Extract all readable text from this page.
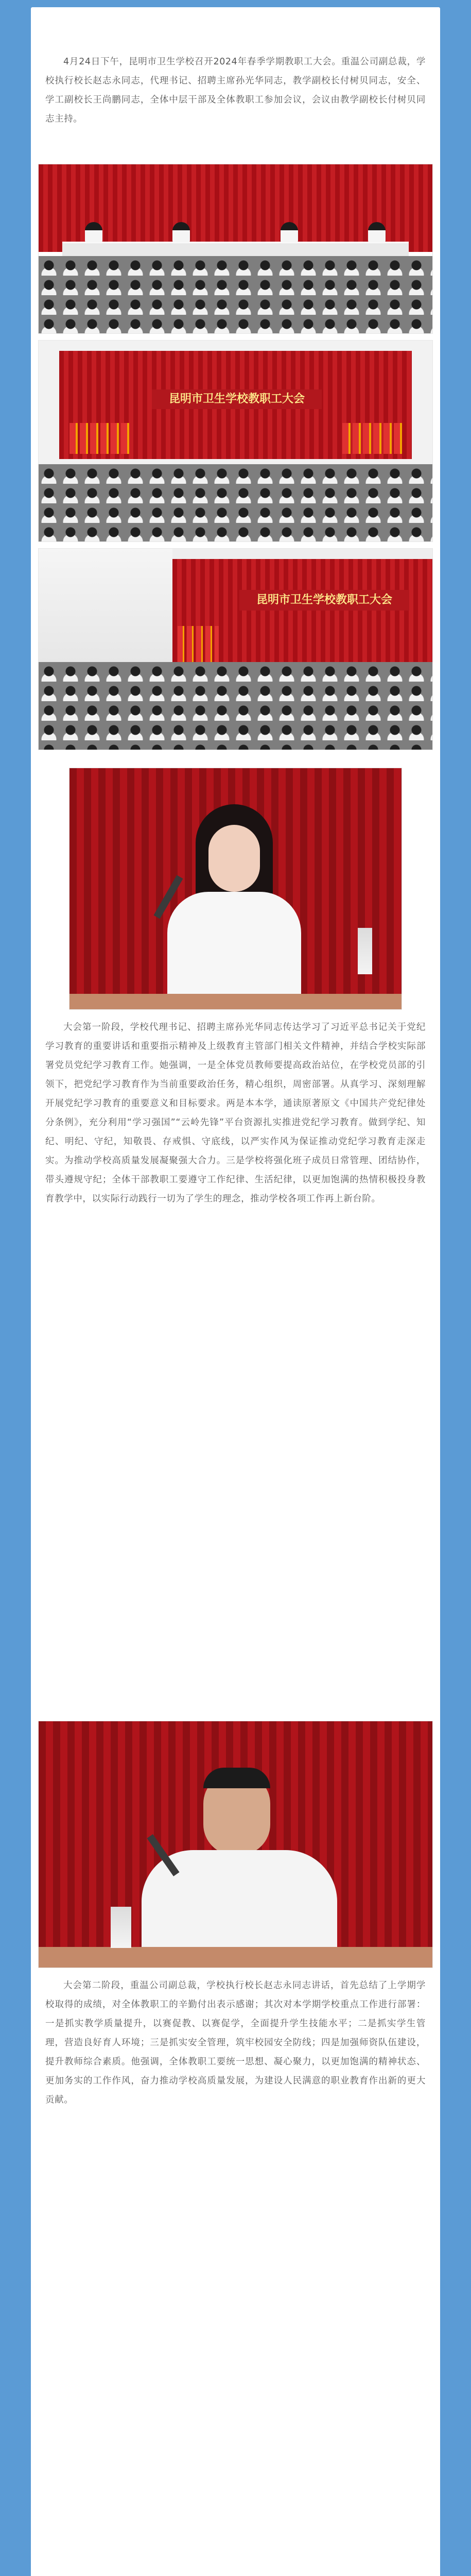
4月24日下午，昆明市卫生学校召开2024年春季学期教职工大会。重温公司副总裁，学校执行校长赵志永同志，代理书记、招聘主席孙光华同志，教学副校长付树贝同志，安全、学工副校长王尚鹏同志，全体中层干部及全体教职工参加会议，会议由教学副校长付树贝同志主持。

昆明市卫生学校教职工大会
昆明市卫生学校教职工大会

大会第一阶段，学校代理书记、招聘主席孙光华同志传达学习了习近平总书记关于党纪学习教育的重要讲话和重要指示精神及上级教育主管部门相关文件精神，并结合学校实际部署党员党纪学习教育工作。她强调，一是全体党员教师要提高政治站位，在学校党员部的引领下，把党纪学习教育作为当前重要政治任务，精心组织，周密部署。从真学习、深刻理解开展党纪学习教育的重要意义和目标要求。两是本本学，通读原著原文《中国共产党纪律处分条例》，充分利用“学习强国”“云岭先锋”平台资源扎实推进党纪学习教育。做到学纪、知纪、明纪、守纪，知敬畏、存戒惧、守底线，以严实作风为保证推动党纪学习教育走深走实。为推动学校高质量发展凝聚强大合力。三是学校将强化班子成员日常管理、团结协作，带头遵规守纪；全体干部教职工要遵守工作纪律、生活纪律，以更加饱满的热情积极投身教育教学中，以实际行动践行一切为了学生的理念，推动学校各项工作再上新台阶。

大会第二阶段，重温公司副总裁，学校执行校长赵志永同志讲话，首先总结了上学期学校取得的成绩，对全体教职工的辛勤付出表示感谢；其次对本学期学校重点工作进行部署：一是抓实教学质量提升，以赛促教、以赛促学，全面提升学生技能水平；二是抓实学生管理，营造良好育人环境；三是抓实安全管理，筑牢校园安全防线；四是加强师资队伍建设，提升教师综合素质。他强调，全体教职工要统一思想、凝心聚力，以更加饱满的精神状态、更加务实的工作作风，奋力推动学校高质量发展，为建设人民满意的职业教育作出新的更大贡献。
